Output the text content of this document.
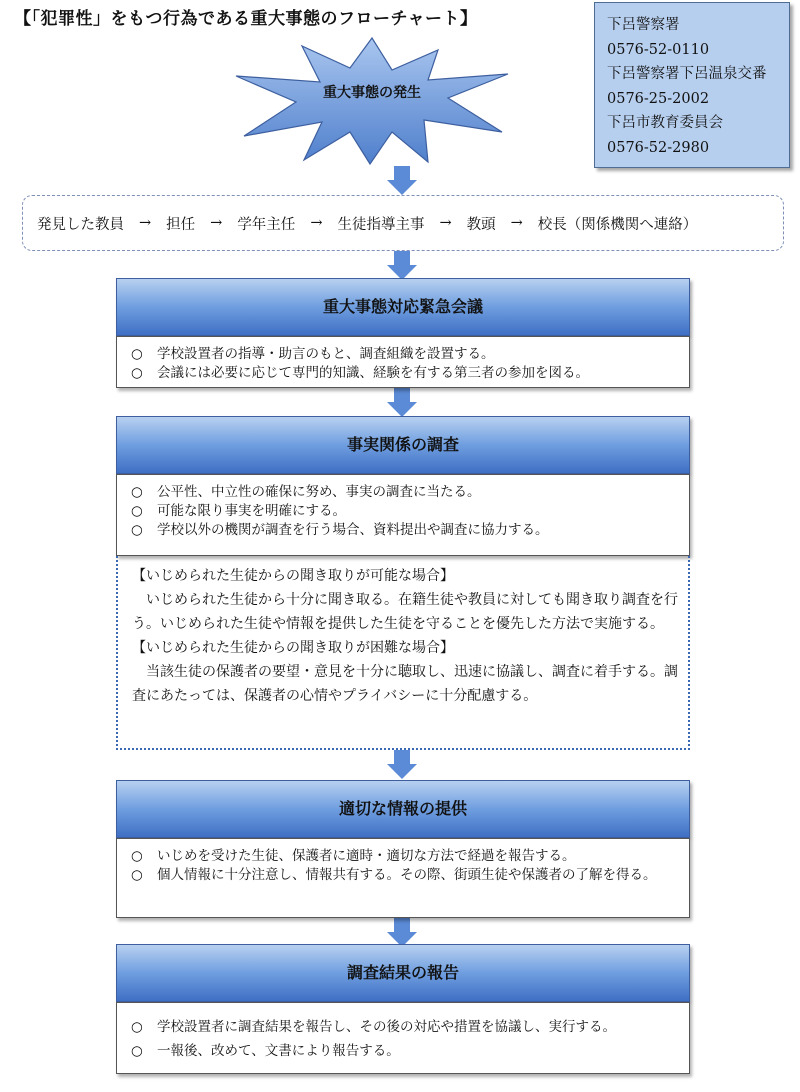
【「犯罪性」をもつ行為である重大事態のフローチャート】	下呂警察署
0576-52-0110
下呂警察署下呂温泉交番
0576-25-2002
下呂市教育委員会
0576-52-2980
重大事態の発生
発見した教員 → 担任 → 学年主任 → 生徒指導主事 → 教頭 → 校長（関係機関へ連絡）
重大事態対応緊急会議
○	学校設置者の指導・助言のもと、調査組織を設置する。
○	会議には必要に応じて専門的知識、経験を有する第三者の参加を図る。
事実関係の調査
○	公平性、中立性の確保に努め、事実の調査に当たる。
○	可能な限り事実を明確にする。
○	学校以外の機関が調査を行う場合、資料提出や調査に協力する。
【いじめられた生徒からの聞き取りが可能な場合】
いじめられた生徒から十分に聞き取る。在籍生徒や教員に対しても聞き取り調査を行う。いじめられた生徒や情報を提供した生徒を守ることを優先した方法で実施する。
【いじめられた生徒からの聞き取りが困難な場合】
当該生徒の保護者の要望・意見を十分に聴取し、迅速に協議し、調査に着手する。調査にあたっては、保護者の心情やプライバシーに十分配慮する。
適切な情報の提供
○	いじめを受けた生徒、保護者に適時・適切な方法で経過を報告する。
○	個人情報に十分注意し、情報共有する。その際、街頭生徒や保護者の了解を得る。
調査結果の報告
○	学校設置者に調査結果を報告し、その後の対応や措置を協議し、実行する。
○	一報後、改めて、文書により報告する。
